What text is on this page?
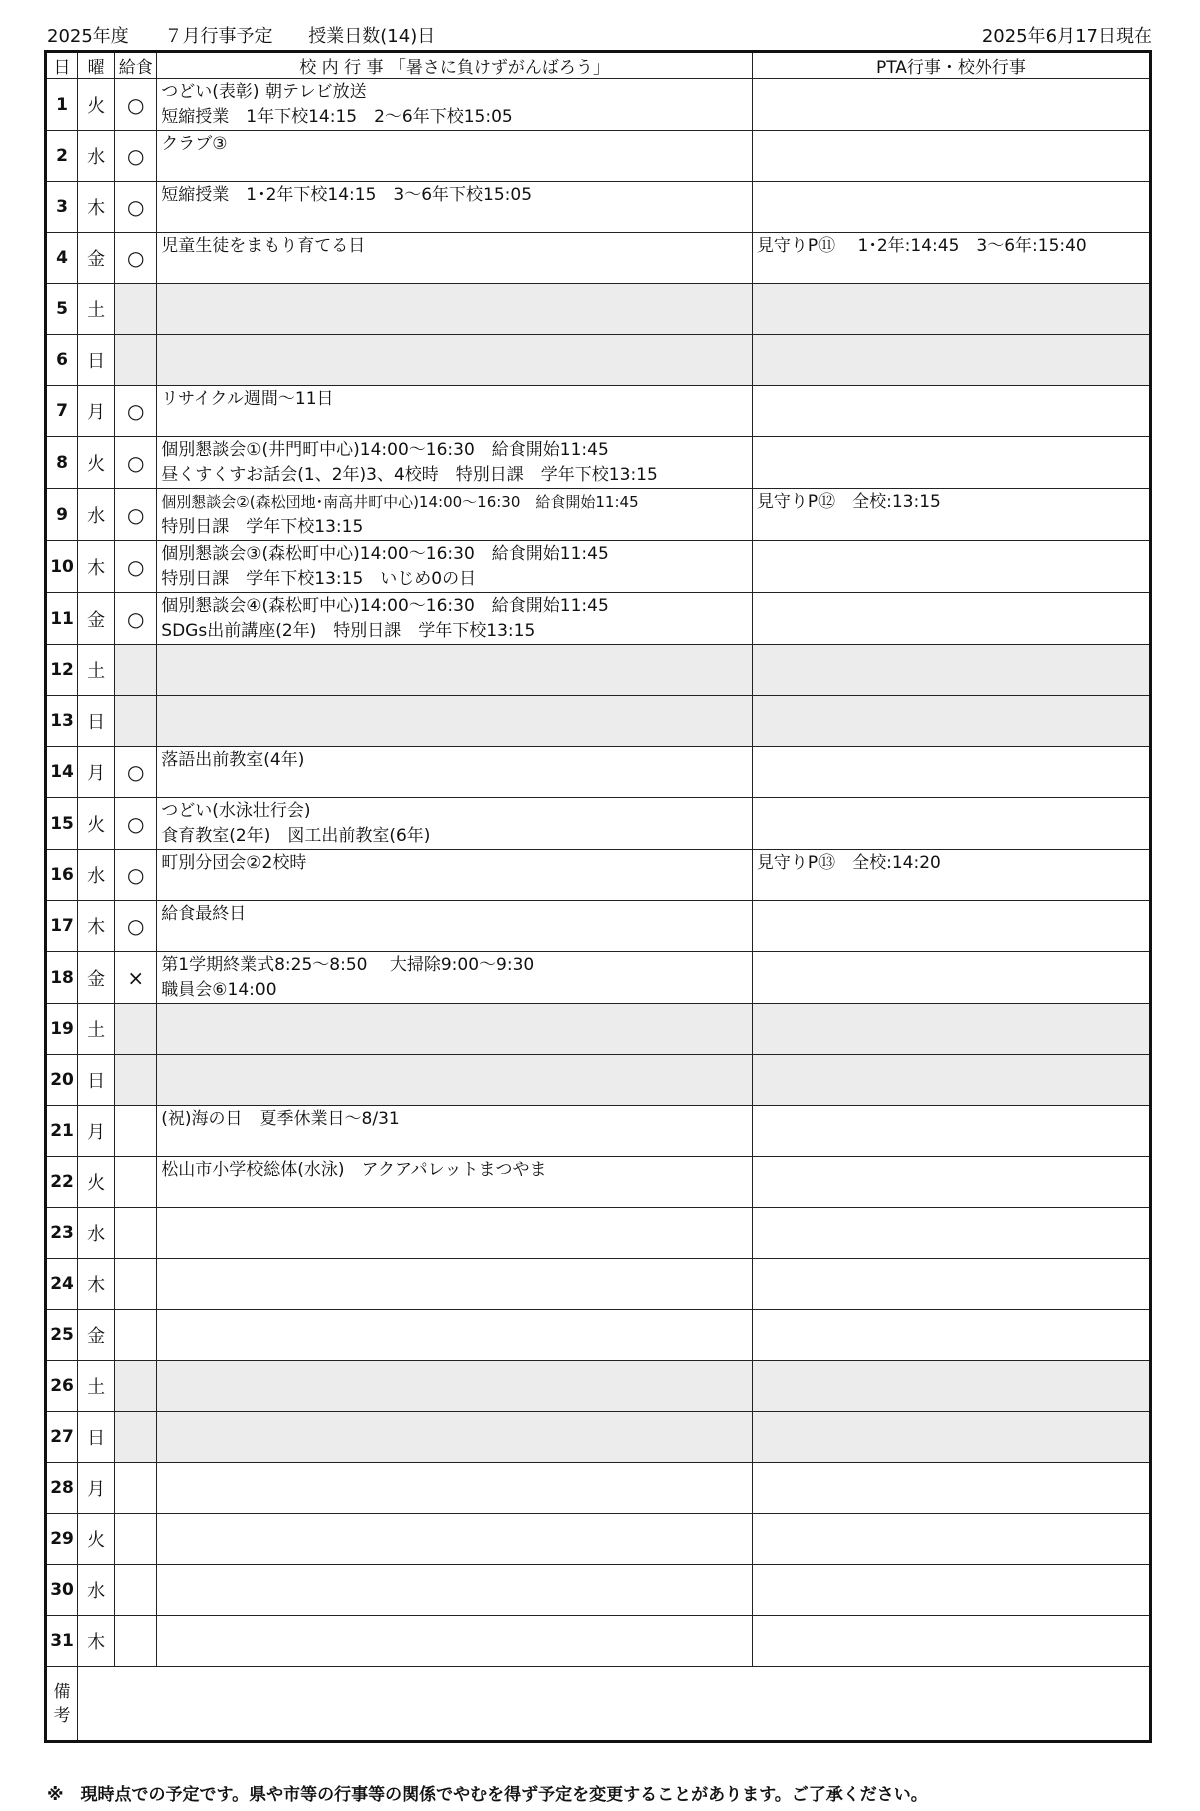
2025年度 ７月行事予定 授業日数(14)日	2025年6月17日現在
日	曜	給食	校 内 行 事 「暑さに負けずがんばろう」	PTA行事・校外行事
1	火	○	つどい(表彰) 朝テレビ放送
短縮授業　1年下校14:15　2～6年下校15:05	

2	水	○	クラブ③	

3	木	○	短縮授業　1･2年下校14:15　3～6年下校15:05	

4	金	○	児童生徒をまもり育てる日	見守りP⑪　 1･2年:14:45　3～6年:15:40
5	土		

6	日		

7	月	○	リサイクル週間～11日	

8	火	○	個別懇談会①(井門町中心)14:00～16:30　給食開始11:45
昼くすくすお話会(1、2年)3、4校時　特別日課　学年下校13:15	

9	水	○	個別懇談会②(森松団地･南高井町中心)14:00～16:30　給食開始11:45
特別日課　学年下校13:15	見守りP⑫　全校:13:15
10	木	○	個別懇談会③(森松町中心)14:00～16:30　給食開始11:45
特別日課　学年下校13:15　いじめ0の日	

11	金	○	個別懇談会④(森松町中心)14:00～16:30　給食開始11:45
SDGs出前講座(2年)　特別日課　学年下校13:15	

12	土		

13	日		

14	月	○	落語出前教室(4年)	

15	火	○	つどい(水泳壮行会)
食育教室(2年)　図工出前教室(6年)	

16	水	○	町別分団会②2校時	見守りP⑬　全校:14:20
17	木	○	給食最終日	

18	金	×	第1学期終業式8:25～8:50　 大掃除9:00～9:30
職員会⑥14:00	

19	土		

20	日		

21	月		(祝)海の日　夏季休業日～8/31	

22	火		松山市小学校総体(水泳)　アクアパレットまつやま	

23	水		

24	木		

25	金		

26	土		

27	日		

28	月		

29	火		

30	水		

31	木		

備
考				

※　現時点での予定です。県や市等の行事等の関係でやむを得ず予定を変更することがあります。ご了承ください。
